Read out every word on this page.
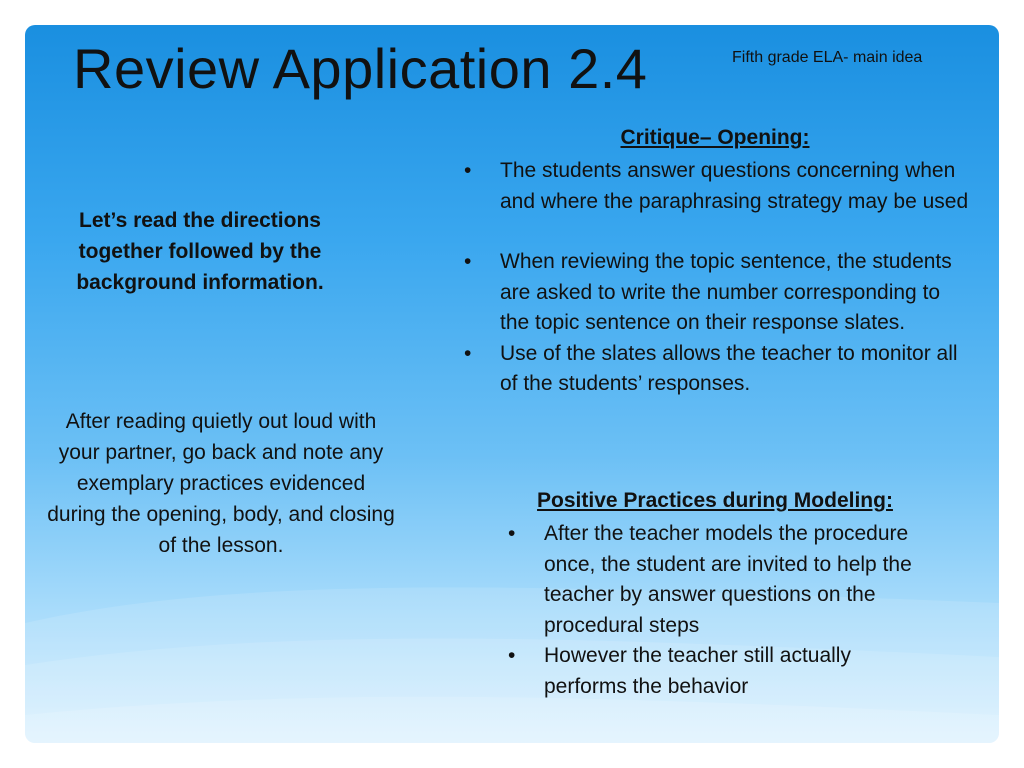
Review Application 2.4	Fifth grade ELA- main idea
Let’s read the directions together followed by the background information.
After reading quietly out loud with your partner, go back and note any exemplary practices evidenced during the opening, body, and closing of the lesson.
Critique– Opening:
• The students answer questions concerning when and where the paraphrasing strategy may be used
• When reviewing the topic sentence, the students are asked to write the number corresponding to the topic sentence on their response slates.
• Use of the slates allows the teacher to monitor all of the students’ responses.
Positive Practices during Modeling:
• After the teacher models the procedure once, the student are invited to help the teacher by answer questions on the procedural steps
• However the teacher still actually performs the behavior
